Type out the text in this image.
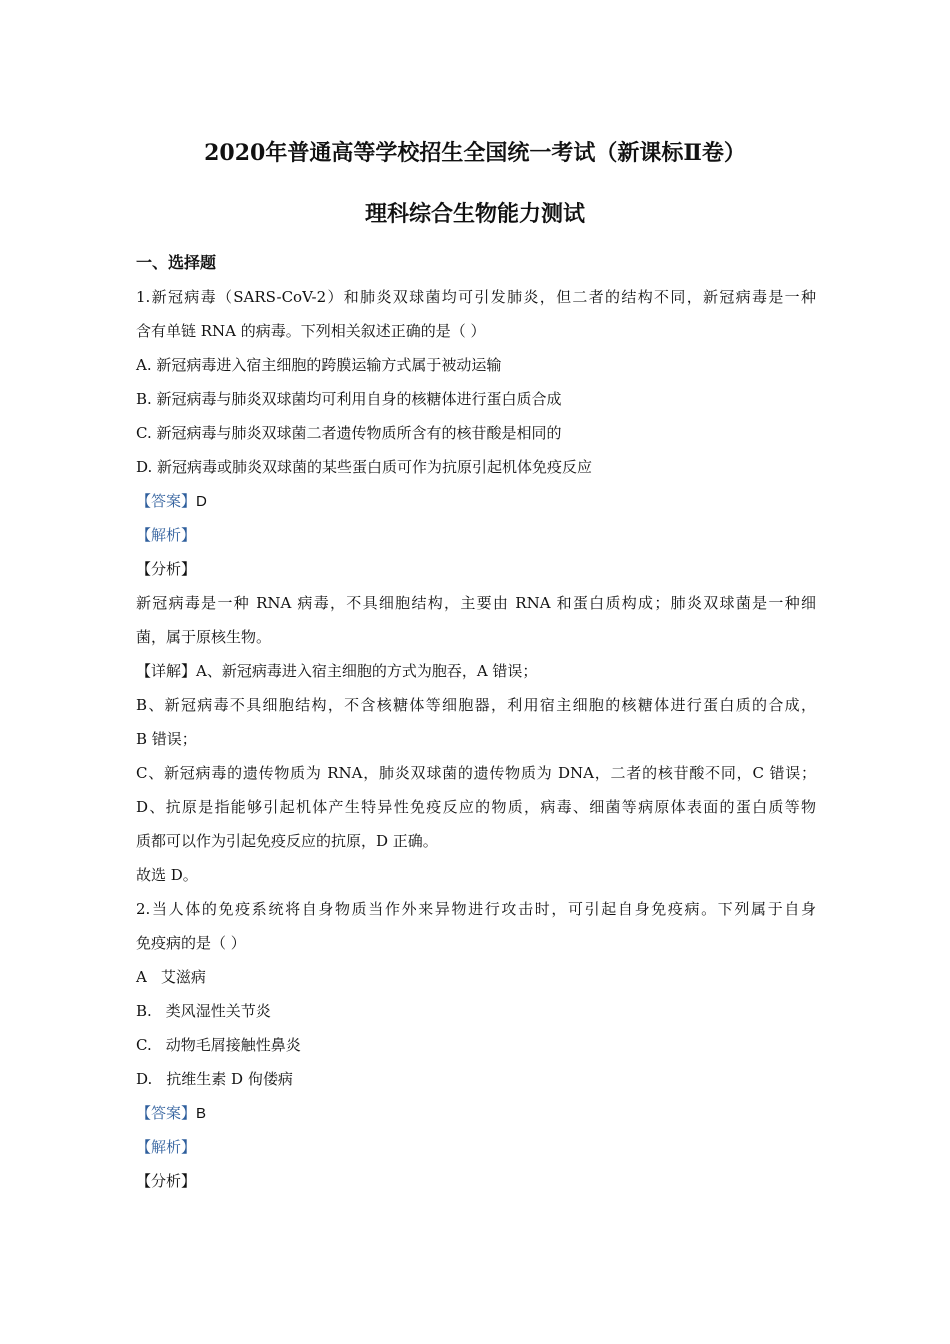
2020年普通高等学校招生全国统一考试（新课标Ⅱ卷）
理科综合生物能力测试
一、选择题
1.新冠病毒（SARS-CoV-2）和肺炎双球菌均可引发肺炎，但二者的结构不同，新冠病毒是一种
含有单链 RNA 的病毒。下列相关叙述正确的是（ ）
A. 新冠病毒进入宿主细胞的跨膜运输方式属于被动运输
B. 新冠病毒与肺炎双球菌均可利用自身的核糖体进行蛋白质合成
C. 新冠病毒与肺炎双球菌二者遗传物质所含有的核苷酸是相同的
D. 新冠病毒或肺炎双球菌的某些蛋白质可作为抗原引起机体免疫反应
【答案】D
【解析】
【分析】
新冠病毒是一种 RNA 病毒，不具细胞结构，主要由 RNA 和蛋白质构成；肺炎双球菌是一种细
菌，属于原核生物。
【详解】A、新冠病毒进入宿主细胞的方式为胞吞，A 错误；
B、新冠病毒不具细胞结构，不含核糖体等细胞器，利用宿主细胞的核糖体进行蛋白质的合成，
B 错误；
C、新冠病毒的遗传物质为 RNA，肺炎双球菌的遗传物质为 DNA，二者的核苷酸不同，C 错误；
D、抗原是指能够引起机体产生特异性免疫反应的物质，病毒、细菌等病原体表面的蛋白质等物
质都可以作为引起免疫反应的抗原，D 正确。
故选 D。
2.当人体的免疫系统将自身物质当作外来异物进行攻击时，可引起自身免疫病。下列属于自身
免疫病的是（ ）
A 艾滋病
B. 类风湿性关节炎
C. 动物毛屑接触性鼻炎
D. 抗维生素 D 佝偻病
【答案】B
【解析】
【分析】
